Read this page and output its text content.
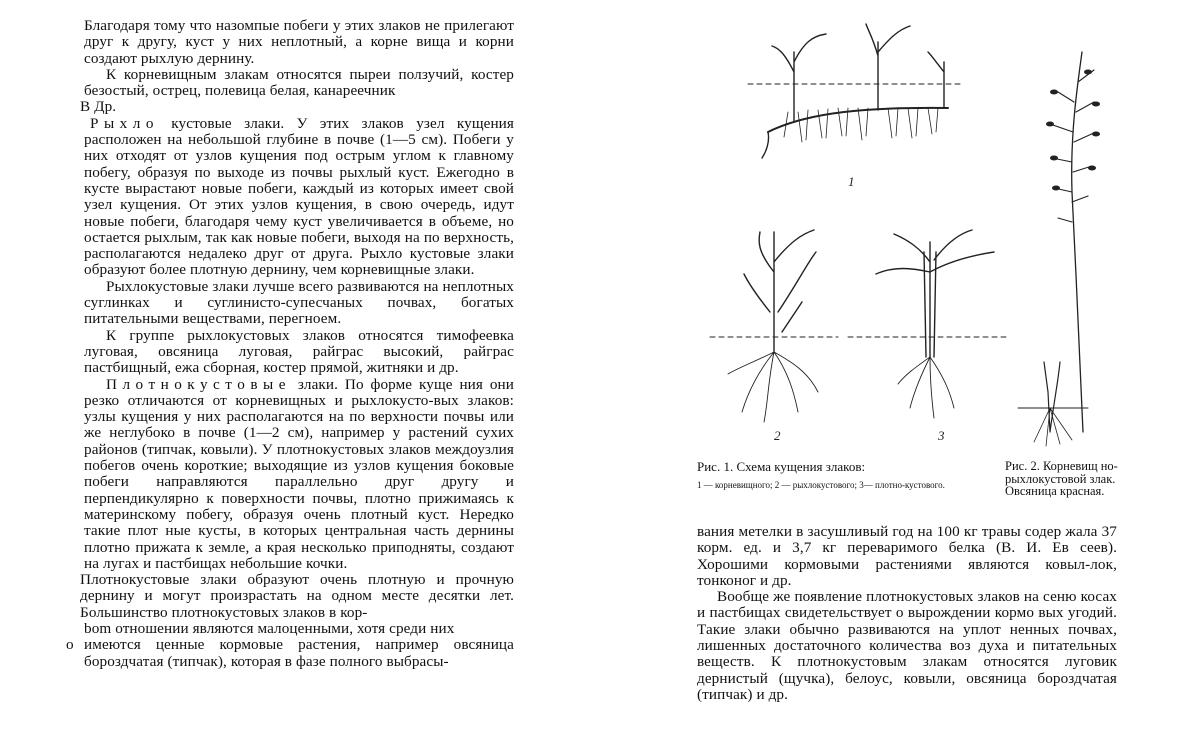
Благодаря тому что назомпые побеги у этих злаков не прилегают друг к другу, куст у них неплотный, а корне вища и корни создают рыхлую дернину.

К корневищным злакам относятся пыреи ползучий, костер безостый, острец, полевица белая, канареечник

В Др.

Рыхло кустовые злаки. У этих злаков узел кущения расположен на небольшой глубине в почве (1—5 см). Побеги у них отходят от узлов кущения под острым углом к главному побегу, образуя по выходе из почвы рыхлый куст. Ежегодно в кусте вырастают новые побеги, каждый из которых имеет свой узел кущения. От этих узлов кущения, в свою очередь, идут новые побеги, благодаря чему куст увеличивается в объеме, но остается рыхлым, так как новые побеги, выходя на по верхность, располагаются недалеко друг от друга. Рыхло кустовые злаки образуют более плотную дернину, чем корневищные злаки.

Рыхлокустовые злаки лучше всего развиваются на неплотных суглинках и суглинисто-супесчаных почвах, богатых питательными веществами, перегноем.

К группе рыхлокустовых злаков относятся тимофеевка луговая, овсяница луговая, райграс высокий, райграс пастбищный, ежа сборная, костер прямой, житняки и др.

Плотнокустовые злаки. По форме куще ния они резко отличаются от корневищных и рыхлокусто-вых злаков: узлы кущения у них располагаются на по верхности почвы или же неглубоко в почве (1—2 см), например у растений сухих районов (типчак, ковыли). У плотнокустовых злаков междоузлия побегов очень короткие; выходящие из узлов кущения боковые побеги направляются параллельно друг другу и перпендикулярно к поверхности почвы, плотно прижимаясь к материнскому побегу, образуя очень плотный куст. Нередко такие плот ные кусты, в которых центральная часть дернины плотно прижата к земле, а края несколько приподняты, создают на лугах и пастбищах небольшие кочки.

Плотнокустовые злаки образуют очень плотную и прочную дернину и могут произрастать на одном месте десятки лет. Большинство плотнокустовых злаков в кор-

bom отношении являются малоценными, хотя среди них

о имеются ценные кормовые растения, например овсяница бороздчатая (типчак), которая в фазе полного выбрасы-

1
2	3
Рис. 1. Схема кущения злаков:
1 — корневищного; 2 — рыхлокустового; 3— плотно-кустового.
Рис. 2. Корневищ но-рыхлокустовой злак. Овсяница красная.

вания метелки в засушливый год на 100 кг травы содер жала 37 корм. ед. и 3,7 кг переваримого белка (В. И. Ев сеев). Хорошими кормовыми растениями являются ковыл-лок, тонконог и др.

Вообще же появление плотнокустовых злаков на сеню косах и пастбищах свидетельствует о вырождении кормо вых угодий. Такие злаки обычно развиваются на уплот ненных почвах, лишенных достаточного количества воз духа и питательных веществ. К плотнокустовым злакам относятся луговик дернистый (щучка), белоус, ковыли, овсяница бороздчатая (типчак) и др.
